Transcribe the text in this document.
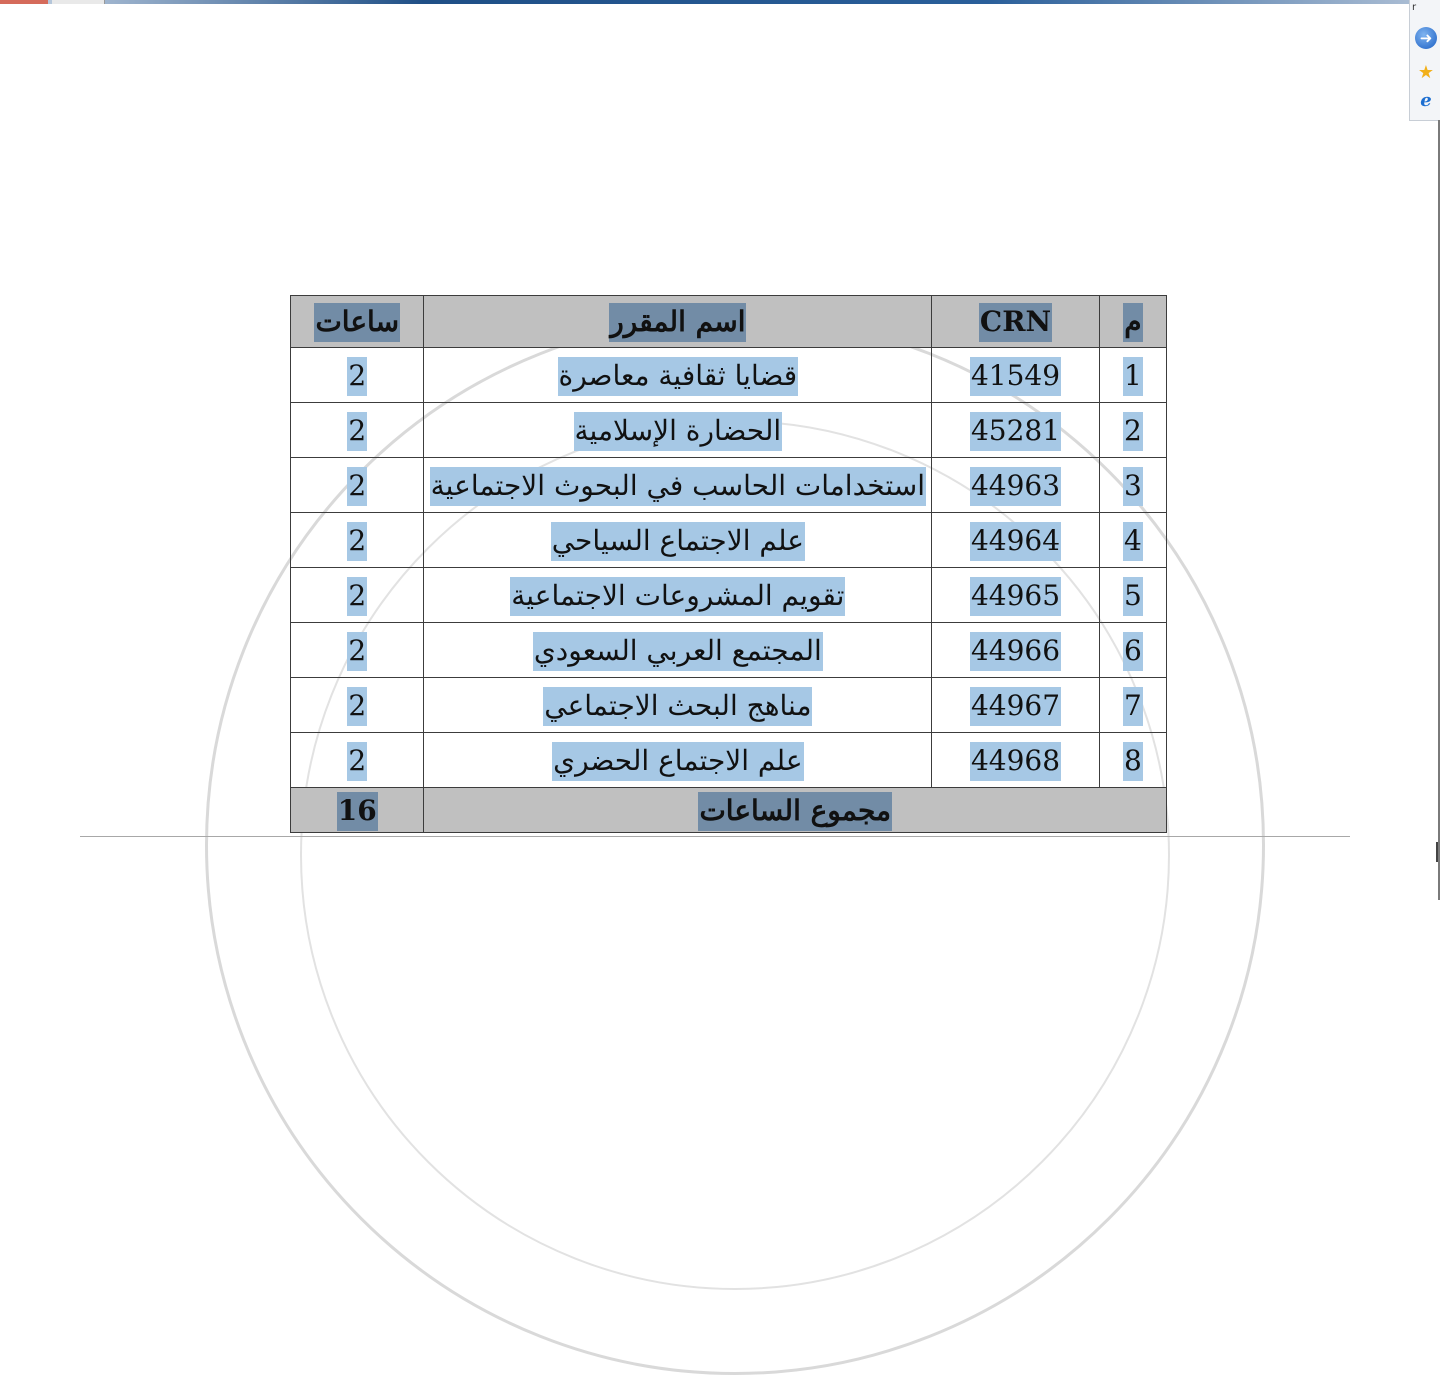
r
➜
★
e
م	CRN	اسم المقرر	ساعات
1	41549	قضايا ثقافية معاصرة	2
2	45281	الحضارة الإسلامية	2
3	44963	استخدامات الحاسب في البحوث الاجتماعية	2
4	44964	علم الاجتماع السياحي	2
5	44965	تقويم المشروعات الاجتماعية	2
6	44966	المجتمع العربي السعودي	2
7	44967	مناهج البحث الاجتماعي	2
8	44968	علم الاجتماع الحضري	2
مجموع الساعات			16
